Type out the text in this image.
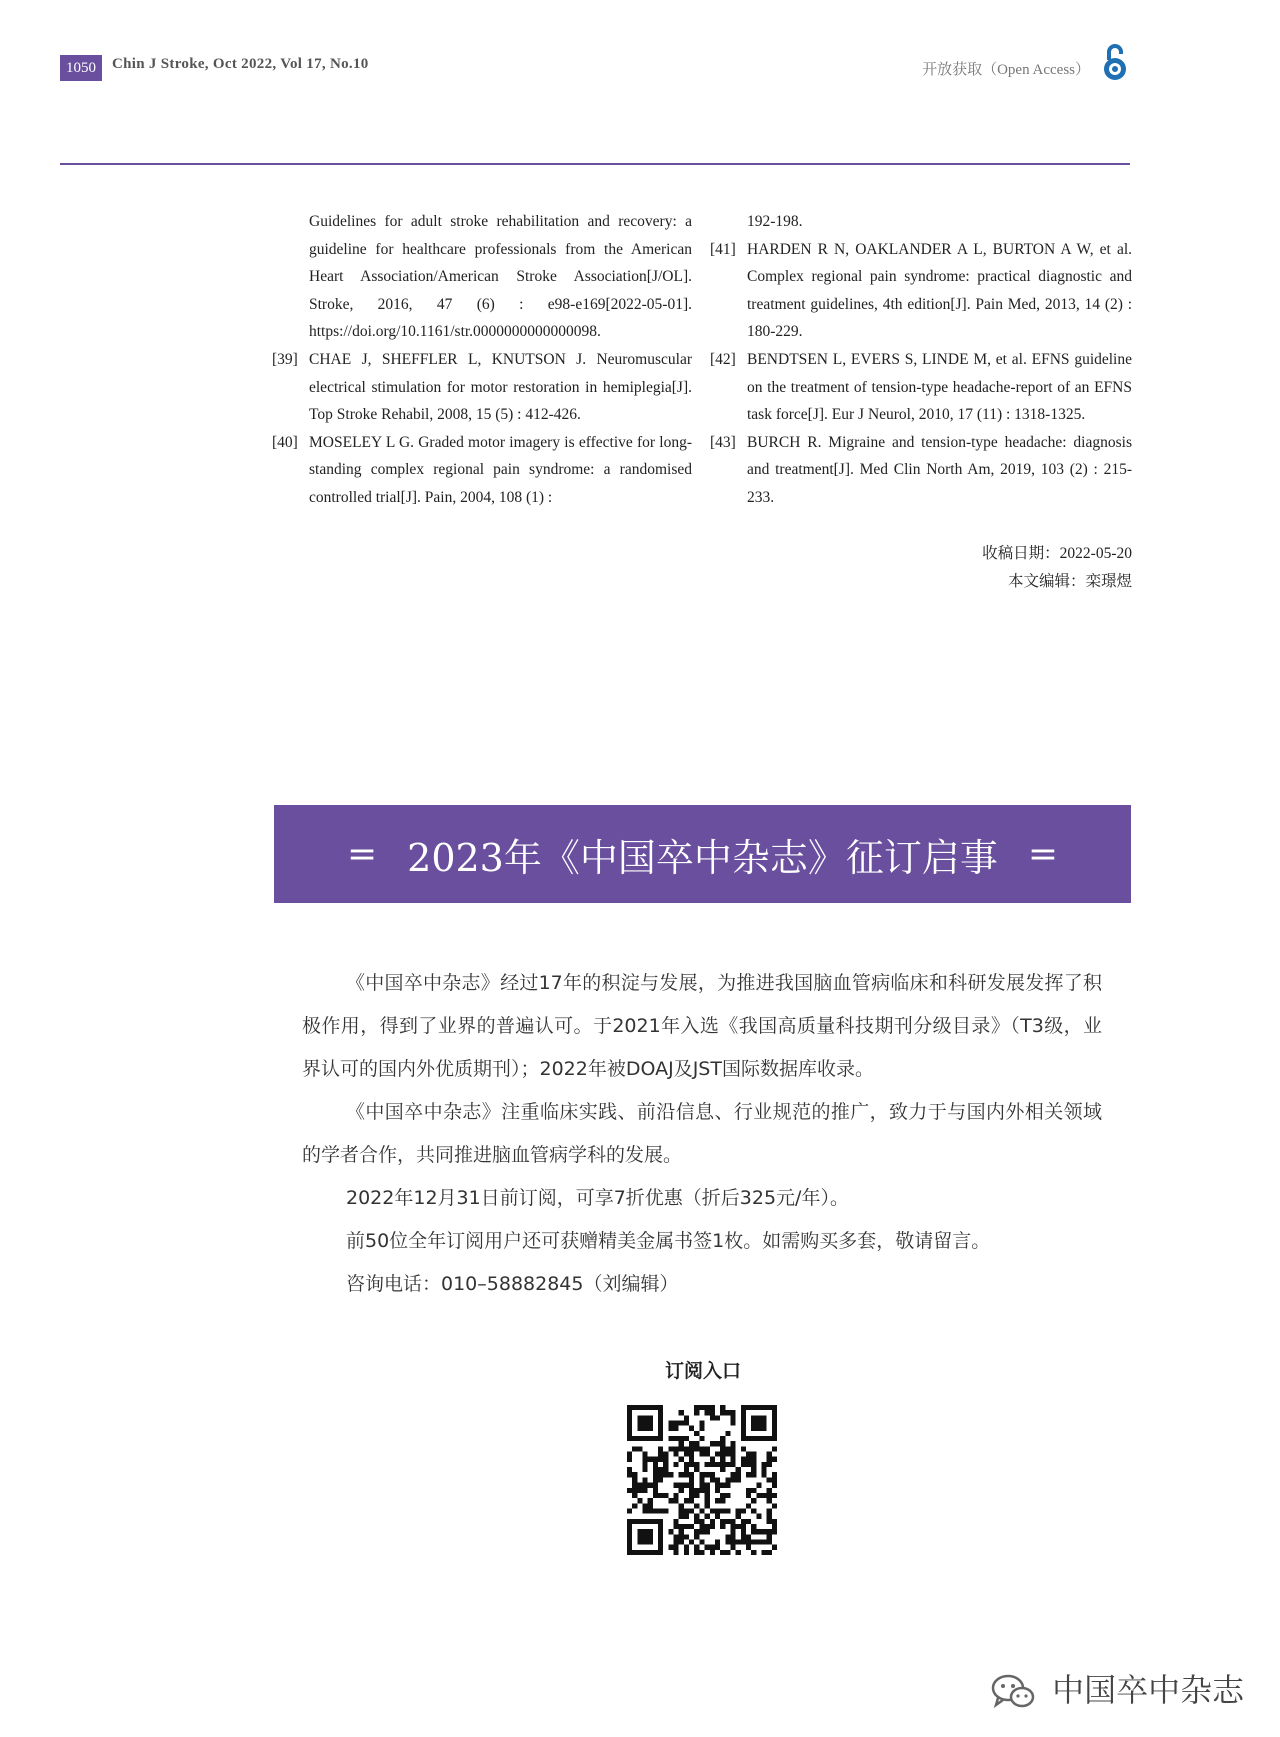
1050	Chin J Stroke, Oct 2022, Vol 17, No.10	开放获取（Open Access）
Guidelines for adult stroke rehabilitation and recovery: a guideline for healthcare professionals from the American Heart Association/American Stroke Association[J/OL]. Stroke, 2016, 47 (6) : e98-e169[2022-05-01]. https://doi.org/10.1161/str.0000000000000098.
[39] CHAE J, SHEFFLER L, KNUTSON J. Neuromuscular electrical stimulation for motor restoration in hemiplegia[J]. Top Stroke Rehabil, 2008, 15 (5) : 412-426.
[40] MOSELEY L G. Graded motor imagery is effective for long-standing complex regional pain syndrome: a randomised controlled trial[J]. Pain, 2004, 108 (1) :
192-198.
[41] HARDEN R N, OAKLANDER A L, BURTON A W, et al. Complex regional pain syndrome: practical diagnostic and treatment guidelines, 4th edition[J]. Pain Med, 2013, 14 (2) : 180-229.
[42] BENDTSEN L, EVERS S, LINDE M, et al. EFNS guideline on the treatment of tension-type headache-report of an EFNS task force[J]. Eur J Neurol, 2010, 17 (11) : 1318-1325.
[43] BURCH R. Migraine and tension-type headache: diagnosis and treatment[J]. Med Clin North Am, 2019, 103 (2) : 215-233.
收稿日期：2022-05-20
本文编辑：栾璟煜
= 2023年《中国卒中杂志》征订启事 =

《中国卒中杂志》经过17年的积淀与发展，为推进我国脑血管病临床和科研发展发挥了积极作用，得到了业界的普遍认可。于2021年入选《我国高质量科技期刊分级目录》（T3级，业界认可的国内外优质期刊）；2022年被DOAJ及JST国际数据库收录。

《中国卒中杂志》注重临床实践、前沿信息、行业规范的推广，致力于与国内外相关领域的学者合作，共同推进脑血管病学科的发展。

2022年12月31日前订阅，可享7折优惠（折后325元/年）。

前50位全年订阅用户还可获赠精美金属书签1枚。如需购买多套，敬请留言。

咨询电话：010–58882845（刘编辑）

订阅入口
中国卒中杂志
